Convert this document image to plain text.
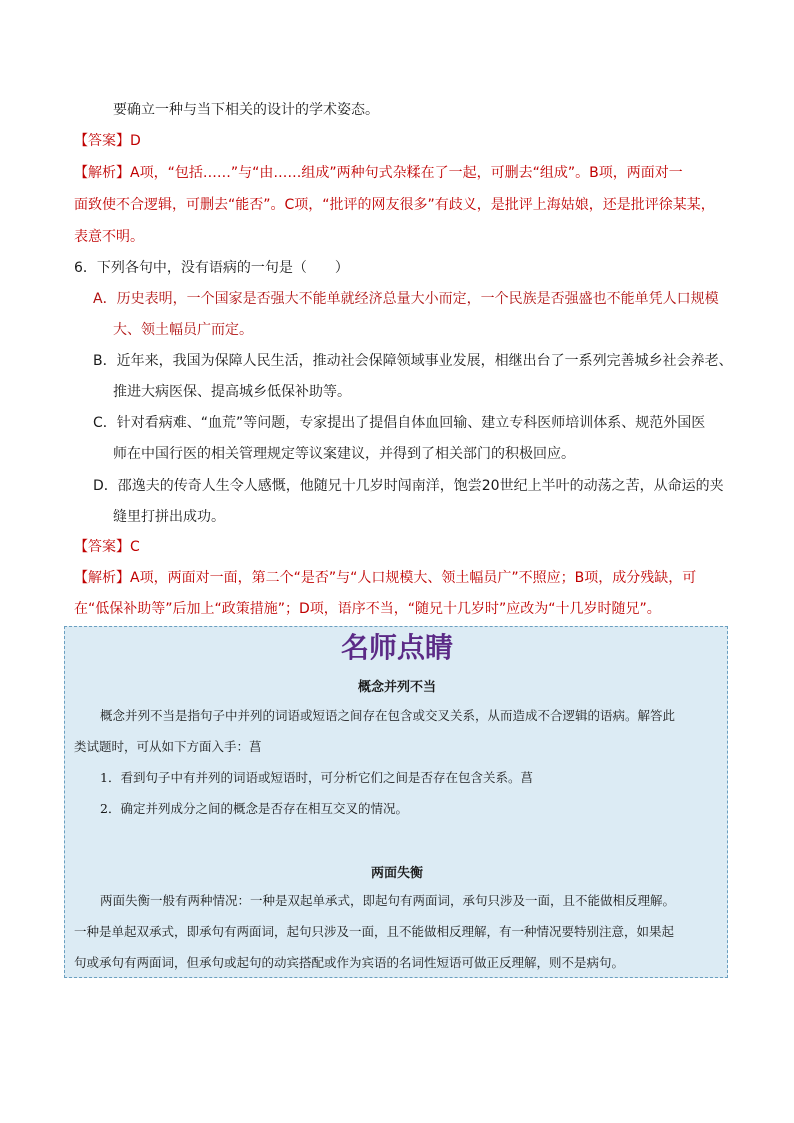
要确立一种与当下相关的设计的学术姿态。
【答案】D
【解析】A项，“包括……”与“由……组成”两种句式杂糅在了一起，可删去“组成”。B项，两面对一
面致使不合逻辑，可删去“能否”。C项，“批评的网友很多”有歧义，是批评上海姑娘，还是批评徐某某，
表意不明。
6．下列各句中，没有语病的一句是（　　）
A．历史表明，一个国家是否强大不能单就经济总量大小而定，一个民族是否强盛也不能单凭人口规模
大、领土幅员广而定。
B．近年来，我国为保障人民生活，推动社会保障领域事业发展，相继出台了一系列完善城乡社会养老、
推进大病医保、提高城乡低保补助等。
C．针对看病难、“血荒”等问题，专家提出了提倡自体血回输、建立专科医师培训体系、规范外国医
师在中国行医的相关管理规定等议案建议，并得到了相关部门的积极回应。
D．邵逸夫的传奇人生令人感慨，他随兄十几岁时闯南洋，饱尝20世纪上半叶的动荡之苦，从命运的夹
缝里打拼出成功。
【答案】C
【解析】A项，两面对一面，第二个“是否”与“人口规模大、领土幅员广”不照应；B项，成分残缺，可
在“低保补助等”后加上“政策措施”；D项，语序不当，“随兄十几岁时”应改为“十几岁时随兄”。
名师点睛
概念并列不当
概念并列不当是指句子中并列的词语或短语之间存在包含或交叉关系，从而造成不合逻辑的语病。解答此
类试题时，可从如下方面入手：菖
1．看到句子中有并列的词语或短语时，可分析它们之间是否存在包含关系。菖
2．确定并列成分之间的概念是否存在相互交叉的情况。
两面失衡
两面失衡一般有两种情况：一种是双起单承式，即起句有两面词，承句只涉及一面，且不能做相反理解。
一种是单起双承式，即承句有两面词，起句只涉及一面，且不能做相反理解，有一种情况要特别注意，如果起
句或承句有两面词，但承句或起句的动宾搭配或作为宾语的名词性短语可做正反理解，则不是病句。
